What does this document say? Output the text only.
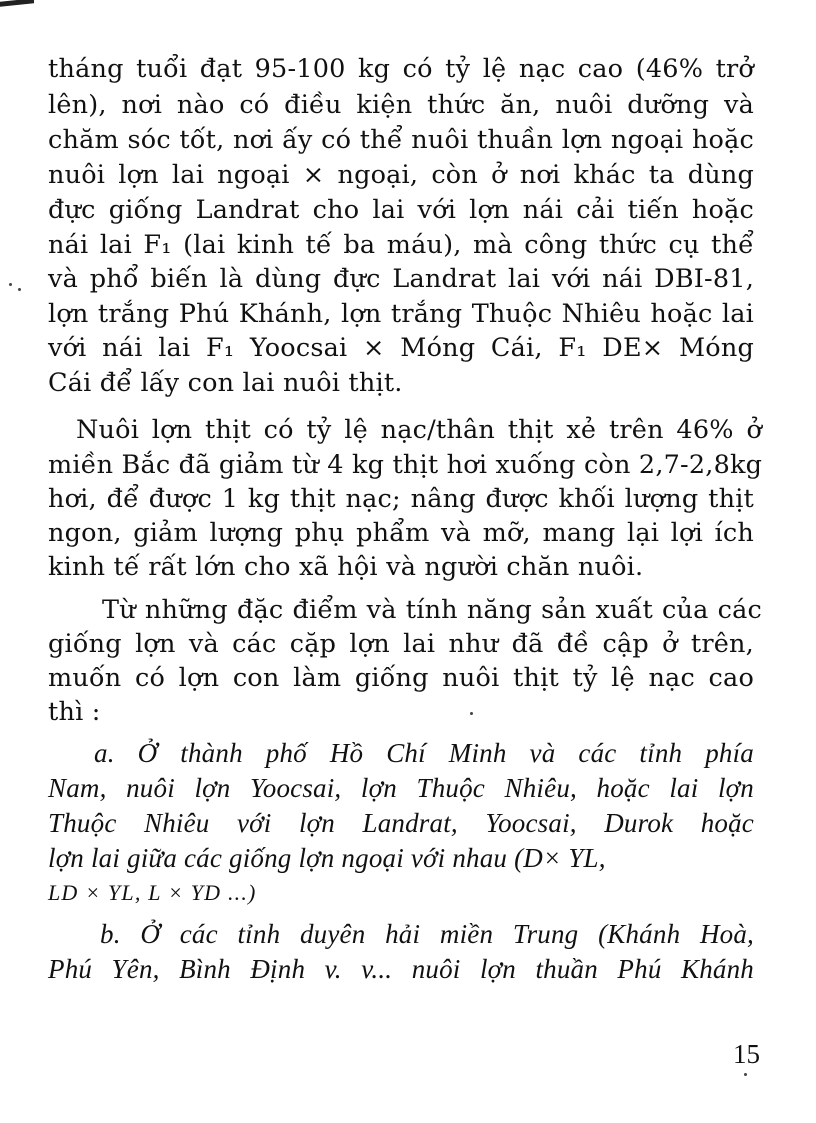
tháng tuổi đạt 95-100 kg có tỷ lệ nạc cao (46% trở
lên), nơi nào có điều kiện thức ăn, nuôi dưỡng và
chăm sóc tốt, nơi ấy có thể nuôi thuần lợn ngoại hoặc
nuôi lợn lai ngoại × ngoại, còn ở nơi khác ta dùng
đực giống Landrat cho lai với lợn nái cải tiến hoặc
nái lai F₁ (lai kinh tế ba máu), mà công thức cụ thể
và phổ biến là dùng đực Landrat lai với nái DBI-81,
lợn trắng Phú Khánh, lợn trắng Thuộc Nhiêu hoặc lai
với nái lai F₁ Yoocsai × Móng Cái, F₁ DE× Móng
Cái để lấy con lai nuôi thịt.
Nuôi lợn thịt có tỷ lệ nạc/thân thịt xẻ trên 46% ở
miền Bắc đã giảm từ 4 kg thịt hơi xuống còn 2,7-2,8kg
hơi, để được 1 kg thịt nạc; nâng được khối lượng thịt
ngon, giảm lượng phụ phẩm và mỡ, mang lại lợi ích
kinh tế rất lớn cho xã hội và người chăn nuôi.
Từ những đặc điểm và tính năng sản xuất của các
giống lợn và các cặp lợn lai như đã đề cập ở trên,
muốn có lợn con làm giống nuôi thịt tỷ lệ nạc cao
thì :
a. Ở thành phố Hồ Chí Minh và các tỉnh phía
Nam, nuôi lợn Yoocsai, lợn Thuộc Nhiêu, hoặc lai lợn
Thuộc Nhiêu với lợn Landrat, Yoocsai, Durok hoặc
lợn lai giữa các giống lợn ngoại với nhau (D× YL,
LD × YL, L × YD ...)
b. Ở các tỉnh duyên hải miền Trung (Khánh Hoà,
Phú Yên, Bình Định v. v... nuôi lợn thuần Phú Khánh
15
